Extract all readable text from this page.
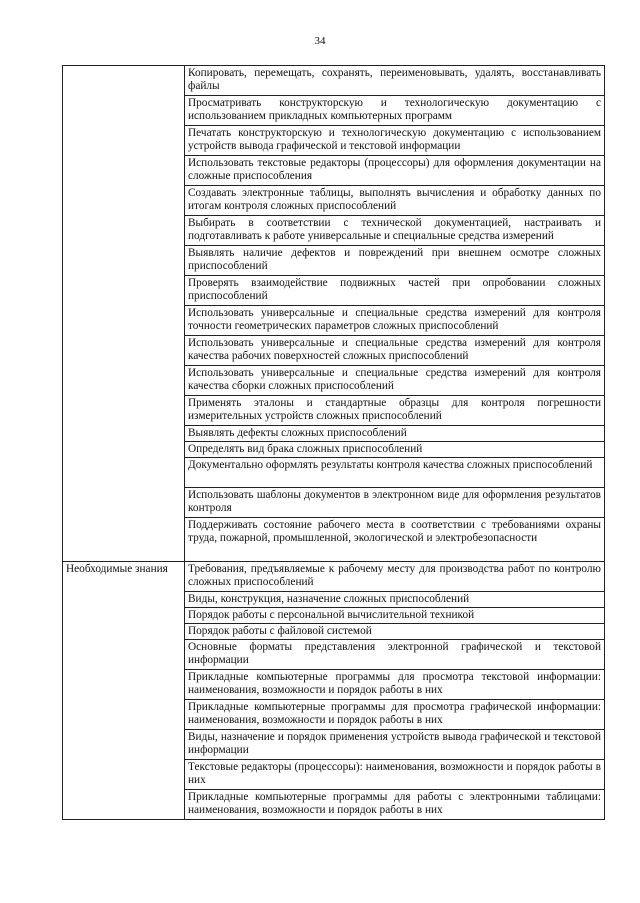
34
	Копировать, перемещать, сохранять, переименовывать, удалять, восстанавливать файлы
	Просматривать конструкторскую и технологическую документацию с использованием прикладных компьютерных программ
	Печатать конструкторскую и технологическую документацию с использованием устройств вывода графической и текстовой информации
	Использовать текстовые редакторы (процессоры) для оформления документации на сложные приспособления
	Создавать электронные таблицы, выполнять вычисления и обработку данных по итогам контроля сложных приспособлений
	Выбирать в соответствии с технической документацией, настраивать и подготавливать к работе универсальные и специальные средства измерений
	Выявлять наличие дефектов и повреждений при внешнем осмотре сложных приспособлений
	Проверять взаимодействие подвижных частей при опробовании сложных приспособлений
	Использовать универсальные и специальные средства измерений для контроля точности геометрических параметров сложных приспособлений
	Использовать универсальные и специальные средства измерений для контроля качества рабочих поверхностей сложных приспособлений
	Использовать универсальные и специальные средства измерений для контроля качества сборки сложных приспособлений
	Применять эталоны и стандартные образцы для контроля погрешности измерительных устройств сложных приспособлений
	Выявлять дефекты сложных приспособлений
	Определять вид брака сложных приспособлений
	Документально оформлять результаты контроля качества сложных приспособлений
	Использовать шаблоны документов в электронном виде для оформления результатов контроля
	Поддерживать состояние рабочего места в соответствии с требованиями охраны труда, пожарной, промышленной, экологической и электробезопасности
Необходимые знания	Требования, предъявляемые к рабочему месту для производства работ по контролю сложных приспособлений
	Виды, конструкция, назначение сложных приспособлений
	Порядок работы с персональной вычислительной техникой
	Порядок работы с файловой системой
	Основные форматы представления электронной графической и текстовой информации
	Прикладные компьютерные программы для просмотра текстовой информации: наименования, возможности и порядок работы в них
	Прикладные компьютерные программы для просмотра графической информации: наименования, возможности и порядок работы в них
	Виды, назначение и порядок применения устройств вывода графической и текстовой информации
	Текстовые редакторы (процессоры): наименования, возможности и порядок работы в них
	Прикладные компьютерные программы для работы с электронными таблицами: наименования, возможности и порядок работы в них
